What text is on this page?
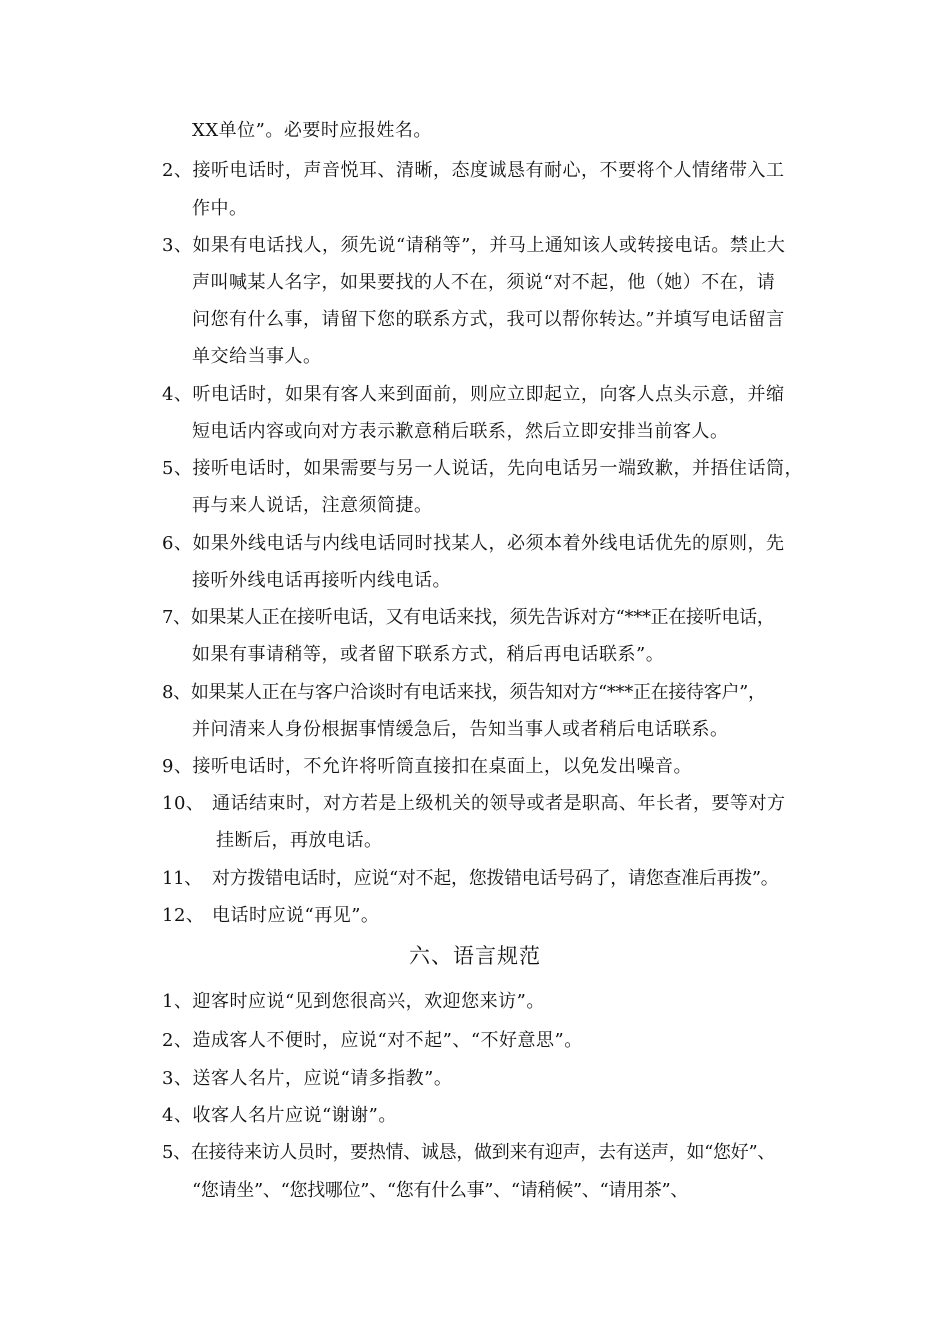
XX单位”。必要时应报姓名。
2、接听电话时，声音悦耳、清晰，态度诚恳有耐心，不要将个人情绪带入工
作中。
3、如果有电话找人，须先说“请稍等”，并马上通知该人或转接电话。禁止大
声叫喊某人名字，如果要找的人不在，须说“对不起，他（她）不在，请
问您有什么事，请留下您的联系方式，我可以帮你转达。”并填写电话留言
单交给当事人。
4、听电话时，如果有客人来到面前，则应立即起立，向客人点头示意，并缩
短电话内容或向对方表示歉意稍后联系，然后立即安排当前客人。
5、接听电话时，如果需要与另一人说话，先向电话另一端致歉，并捂住话筒，
再与来人说话，注意须简捷。
6、如果外线电话与内线电话同时找某人，必须本着外线电话优先的原则，先
接听外线电话再接听内线电话。
7、如果某人正在接听电话，又有电话来找，须先告诉对方“***正在接听电话，
如果有事请稍等，或者留下联系方式，稍后再电话联系”。
8、如果某人正在与客户洽谈时有电话来找，须告知对方“***正在接待客户”，
并问清来人身份根据事情缓急后，告知当事人或者稍后电话联系。
9、接听电话时，不允许将听筒直接扣在桌面上，以免发出噪音。
10、 通话结束时，对方若是上级机关的领导或者是职高、年长者，要等对方
挂断后，再放电话。
11、 对方拨错电话时，应说“对不起，您拨错电话号码了，请您查准后再拨”。
12、 电话时应说“再见”。
六、语言规范
1、迎客时应说“见到您很高兴，欢迎您来访”。
2、造成客人不便时，应说“对不起”、“不好意思”。
3、送客人名片，应说“请多指教”。
4、收客人名片应说“谢谢”。
5、在接待来访人员时，要热情、诚恳，做到来有迎声，去有送声，如“您好”、
“您请坐”、“您找哪位”、“您有什么事”、“请稍候”、“请用茶”、
